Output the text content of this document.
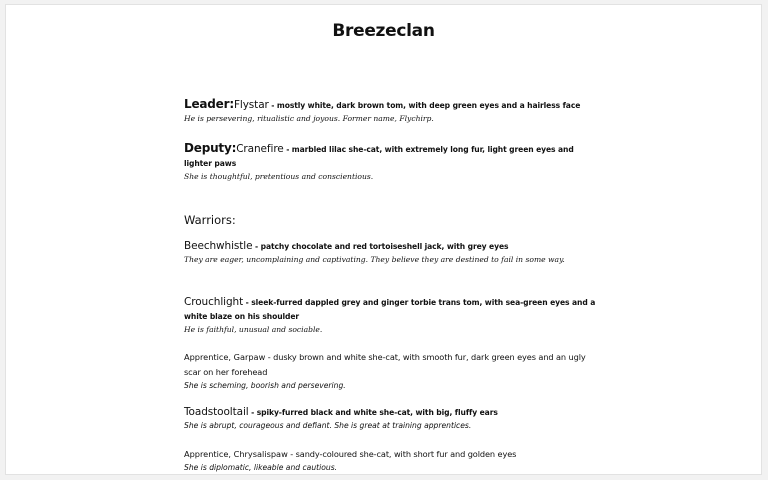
Breezeclan
Leader:Flystar - mostly white, dark brown tom, with deep green eyes and a hairless face
He is persevering, ritualistic and joyous. Former name, Flychirp.
Deputy:Cranefire - marbled lilac she-cat, with extremely long fur, light green eyes and lighter paws
She is thoughtful, pretentious and conscientious.
Warriors:
Beechwhistle - patchy chocolate and red tortoiseshell jack, with grey eyes
They are eager, uncomplaining and captivating. They believe they are destined to fail in some way.
Crouchlight - sleek-furred dappled grey and ginger torbie trans tom, with sea-green eyes and a white blaze on his shoulder
He is faithful, unusual and sociable.
Apprentice, Garpaw - dusky brown and white she-cat, with smooth fur, dark green eyes and an ugly scar on her forehead
She is scheming, boorish and persevering.
Toadstooltail - spiky-furred black and white she-cat, with big, fluffy ears
She is abrupt, courageous and defiant. She is great at training apprentices.
Apprentice, Chrysalispaw - sandy-coloured she-cat, with short fur and golden eyes
She is diplomatic, likeable and cautious.
